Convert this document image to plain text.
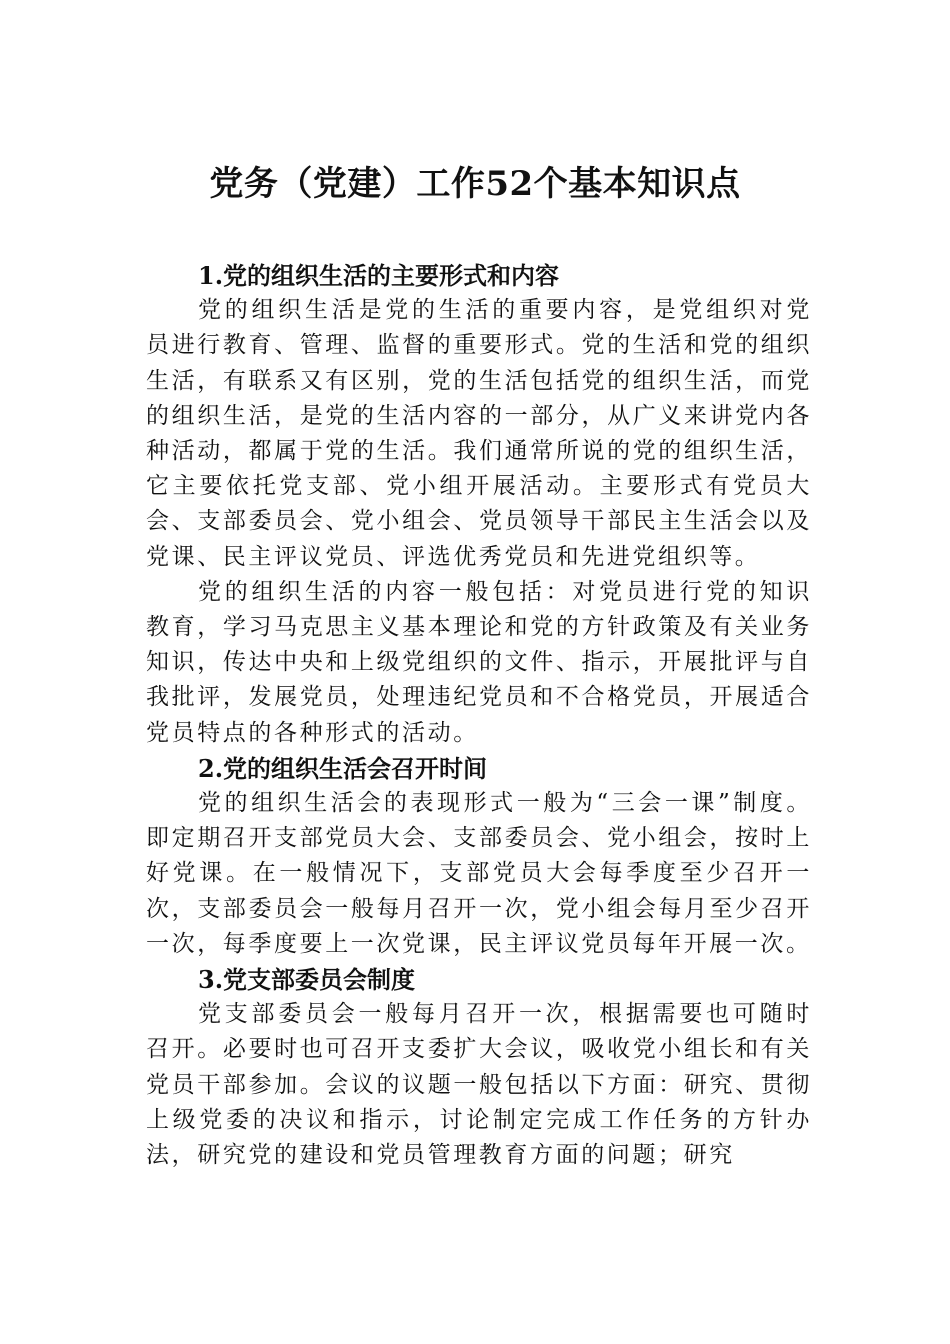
党务（党建）工作52个基本知识点

1.党的组织生活的主要形式和内容

党的组织生活是党的生活的重要内容，是党组织对党员进行教育、管理、监督的重要形式。党的生活和党的组织生活，有联系又有区别，党的生活包括党的组织生活，而党的组织生活，是党的生活内容的一部分，从广义来讲党内各种活动，都属于党的生活。我们通常所说的党的组织生活，它主要依托党支部、党小组开展活动。主要形式有党员大会、支部委员会、党小组会、党员领导干部民主生活会以及党课、民主评议党员、评选优秀党员和先进党组织等。

党的组织生活的内容一般包括：对党员进行党的知识教育，学习马克思主义基本理论和党的方针政策及有关业务知识，传达中央和上级党组织的文件、指示，开展批评与自我批评，发展党员，处理违纪党员和不合格党员，开展适合党员特点的各种形式的活动。

2.党的组织生活会召开时间

党的组织生活会的表现形式一般为“三会一课”制度。即定期召开支部党员大会、支部委员会、党小组会，按时上好党课。在一般情况下，支部党员大会每季度至少召开一次，支部委员会一般每月召开一次，党小组会每月至少召开一次，每季度要上一次党课，民主评议党员每年开展一次。

3.党支部委员会制度

党支部委员会一般每月召开一次，根据需要也可随时召开。必要时也可召开支委扩大会议，吸收党小组长和有关党员干部参加。会议的议题一般包括以下方面：研究、贯彻上级党委的决议和指示，讨论制定完成工作任务的方针办法，研究党的建设和党员管理教育方面的问题；研究
